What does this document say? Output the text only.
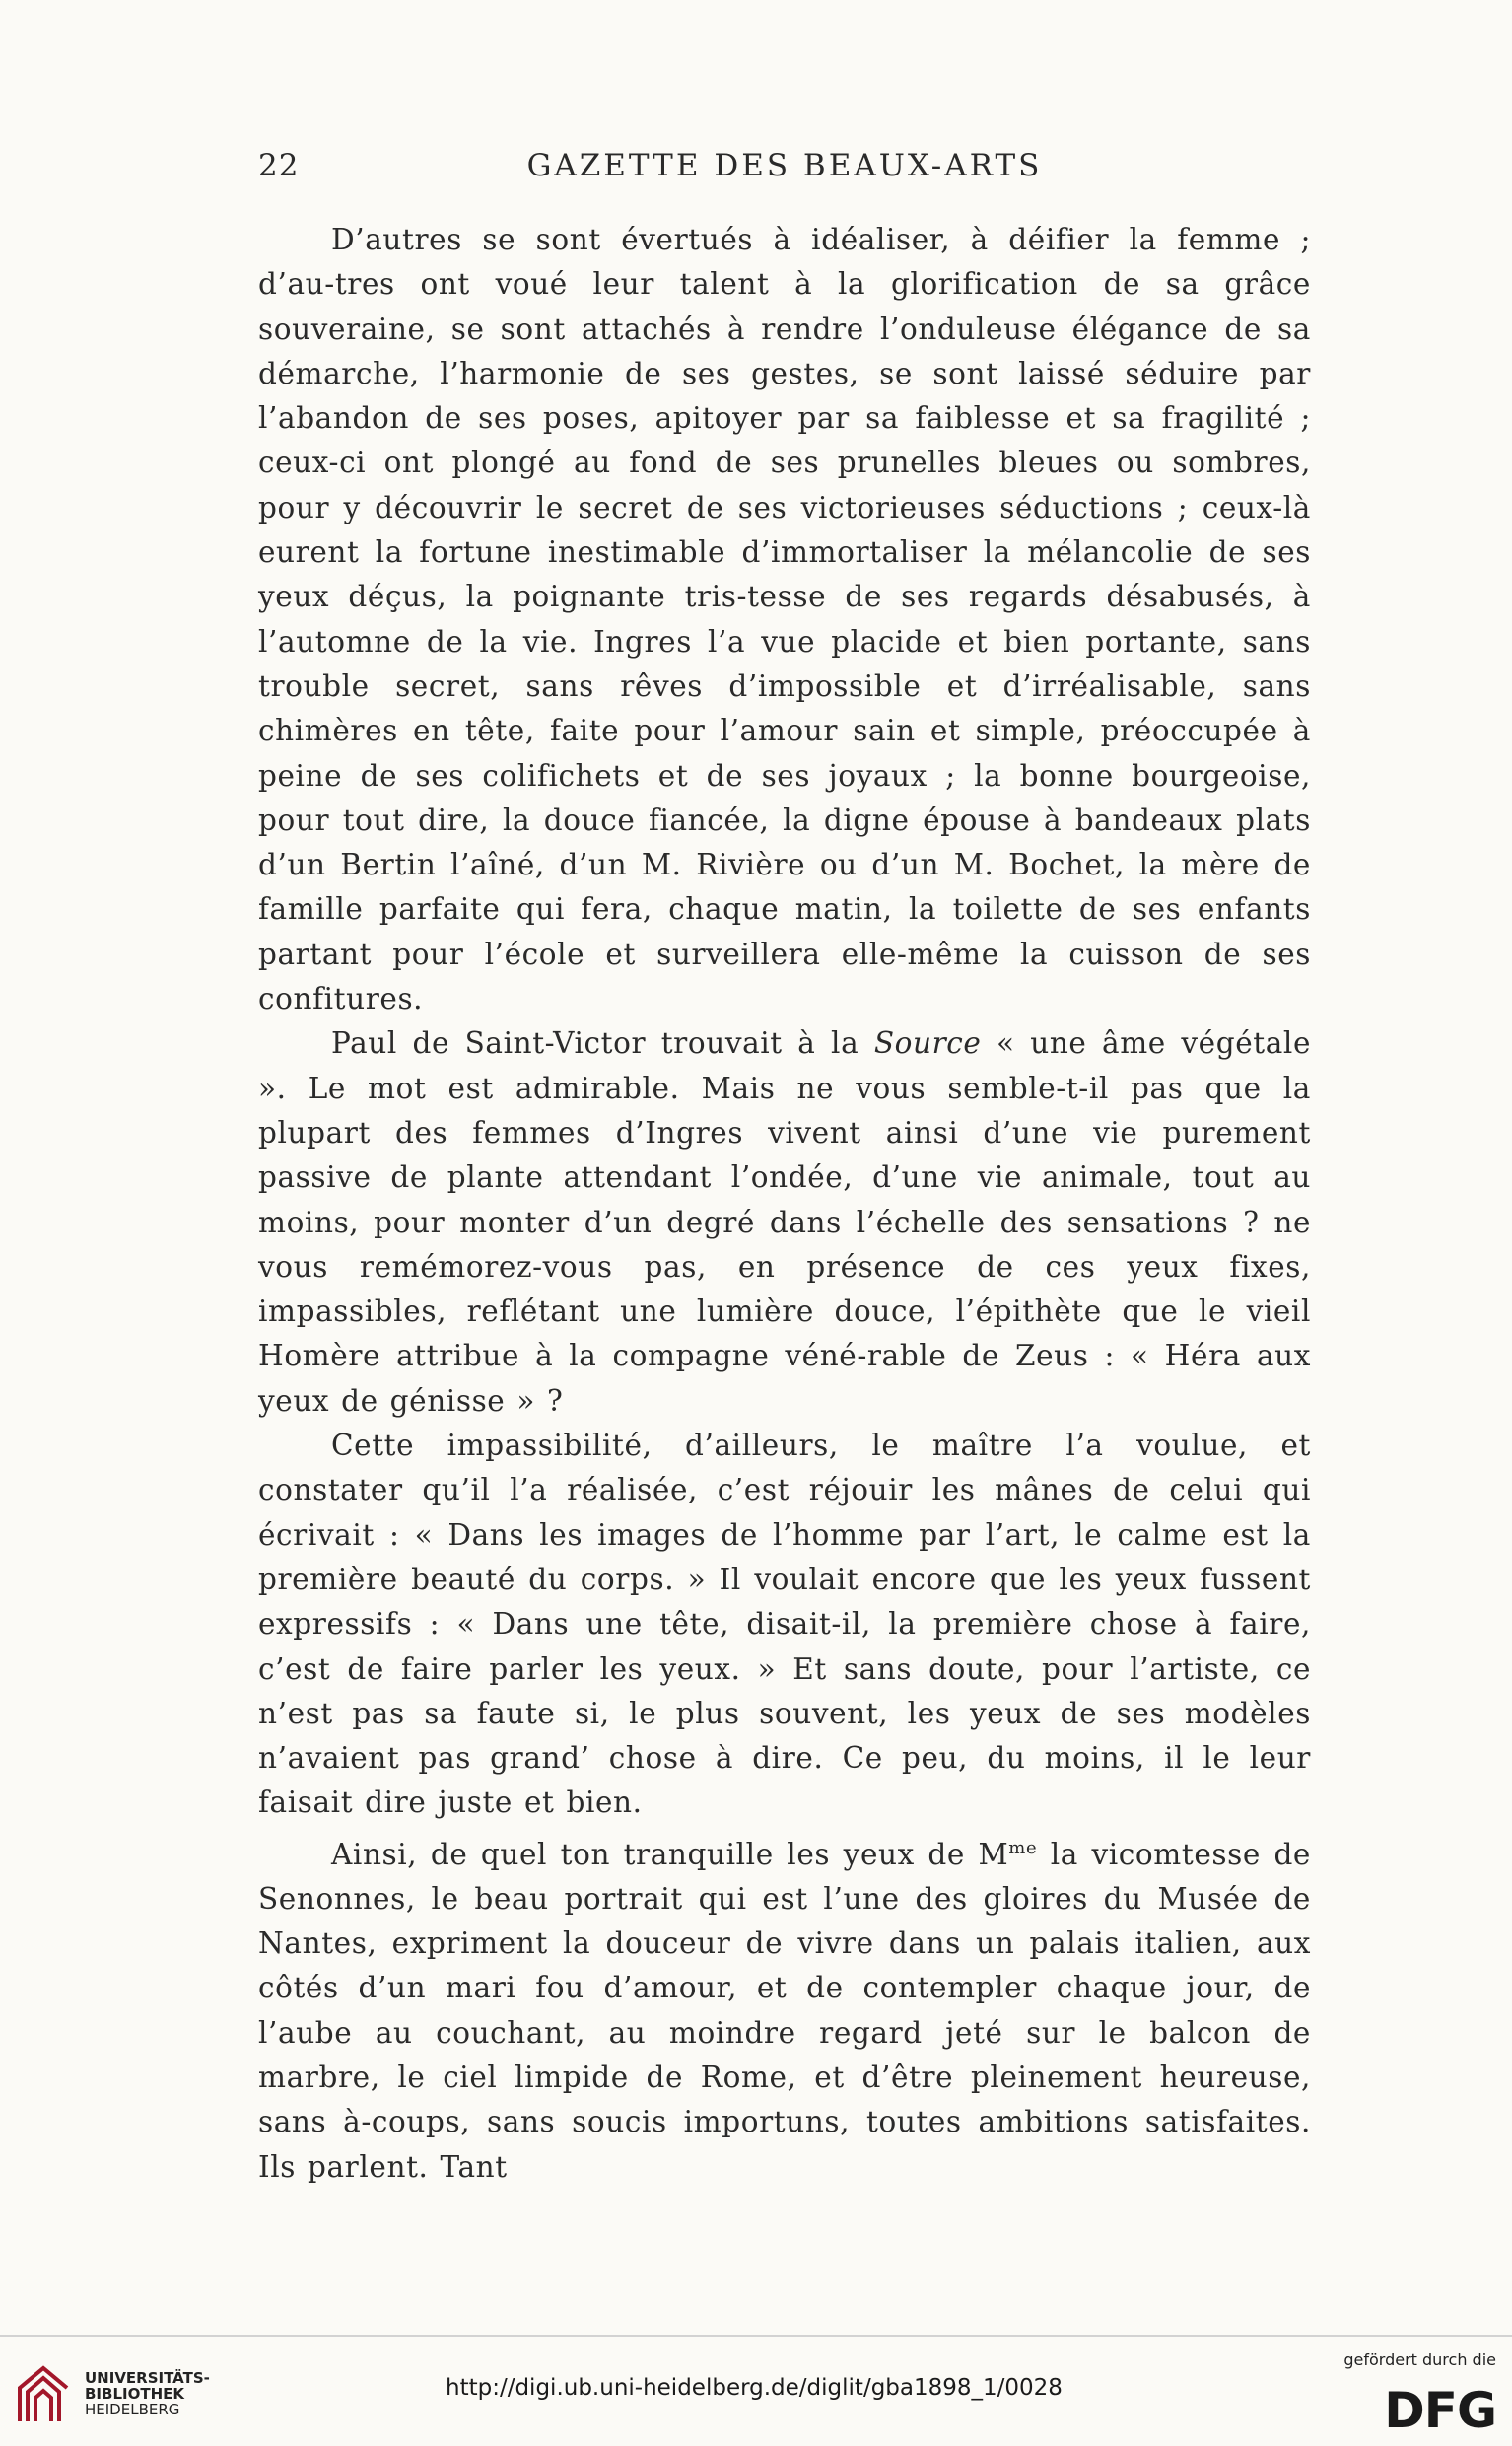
22	GAZETTE DES BEAUX-ARTS

D’autres se sont évertués à idéaliser, à déifier la femme ; d’au-tres ont voué leur talent à la glorification de sa grâce souveraine, se sont attachés à rendre l’onduleuse élégance de sa démarche, l’harmonie de ses gestes, se sont laissé séduire par l’abandon de ses poses, apitoyer par sa faiblesse et sa fragilité ; ceux-ci ont plongé au fond de ses prunelles bleues ou sombres, pour y découvrir le secret de ses victorieuses séductions ; ceux-là eurent la fortune inestimable d’immortaliser la mélancolie de ses yeux déçus, la poignante tris-tesse de ses regards désabusés, à l’automne de la vie. Ingres l’a vue placide et bien portante, sans trouble secret, sans rêves d’impossible et d’irréalisable, sans chimères en tête, faite pour l’amour sain et simple, préoccupée à peine de ses colifichets et de ses joyaux ; la bonne bourgeoise, pour tout dire, la douce fiancée, la digne épouse à bandeaux plats d’un Bertin l’aîné, d’un M. Rivière ou d’un M. Bochet, la mère de famille parfaite qui fera, chaque matin, la toilette de ses enfants partant pour l’école et surveillera elle-même la cuisson de ses confitures.

Paul de Saint-Victor trouvait à la Source « une âme végétale ». Le mot est admirable. Mais ne vous semble-t-il pas que la plupart des femmes d’Ingres vivent ainsi d’une vie purement passive de plante attendant l’ondée, d’une vie animale, tout au moins, pour monter d’un degré dans l’échelle des sensations ? ne vous remémorez-vous pas, en présence de ces yeux fixes, impassibles, reflétant une lumière douce, l’épithète que le vieil Homère attribue à la compagne véné-rable de Zeus : « Héra aux yeux de génisse » ?

Cette impassibilité, d’ailleurs, le maître l’a voulue, et constater qu’il l’a réalisée, c’est réjouir les mânes de celui qui écrivait : « Dans les images de l’homme par l’art, le calme est la première beauté du corps. » Il voulait encore que les yeux fussent expressifs : « Dans une tête, disait-il, la première chose à faire, c’est de faire parler les yeux. » Et sans doute, pour l’artiste, ce n’est pas sa faute si, le plus souvent, les yeux de ses modèles n’avaient pas grand’ chose à dire. Ce peu, du moins, il le leur faisait dire juste et bien.

Ainsi, de quel ton tranquille les yeux de $M^{me}$ la vicomtesse de Senonnes, le beau portrait qui est l’une des gloires du Musée de Nantes, expriment la douceur de vivre dans un palais italien, aux côtés d’un mari fou d’amour, et de contempler chaque jour, de l’aube au couchant, au moindre regard jeté sur le balcon de marbre, le ciel limpide de Rome, et d’être pleinement heureuse, sans à-coups, sans soucis importuns, toutes ambitions satisfaites. Ils parlent. Tant

UNIVERSITÄTS-
BIBLIOTHEK
HEIDELBERG
http://digi.ub.uni-heidelberg.de/diglit/gba1898_1/0028
gefördert durch die
DFG
